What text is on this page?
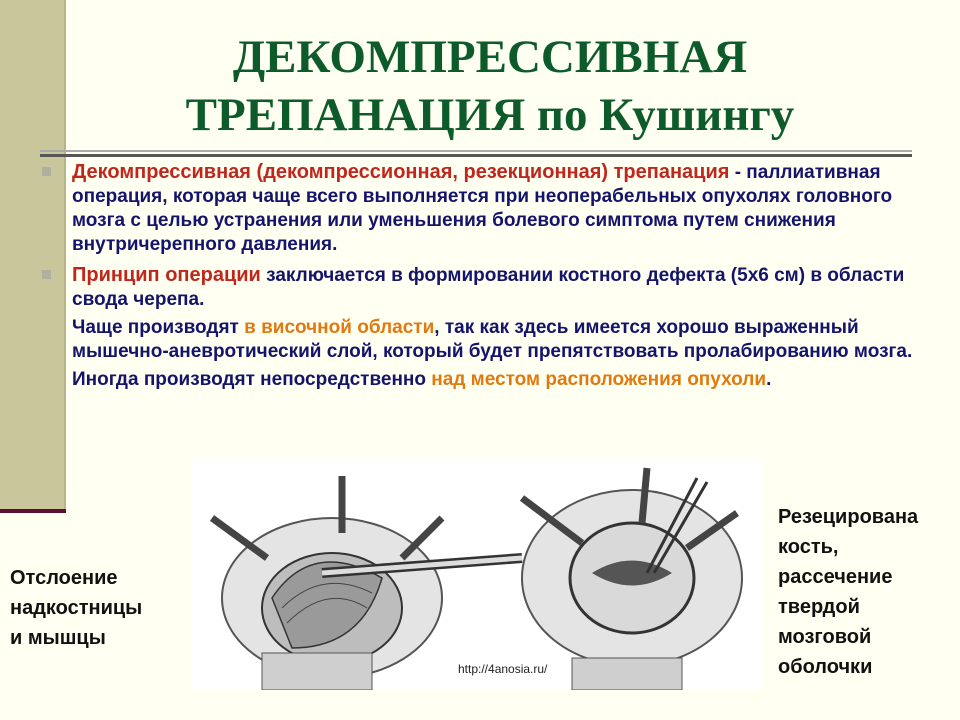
ДЕКОМПРЕССИВНАЯ
ТРЕПАНАЦИЯ по Кушингу
Декомпрессивная (декомпрессионная, резекционная) трепанация - паллиативная операция, которая чаще всего выполняется при неоперабельных опухолях головного мозга с целью устранения или уменьшения болевого симптома путем снижения внутричерепного давления.
Принцип операции заключается в формировании костного дефекта (5х6 см) в области свода черепа.
Чаще производят в височной области, так как здесь имеется хорошо выраженный мышечно-аневротический слой, который будет препятствовать пролабированию мозга.
Иногда производят непосредственно над местом расположения опухоли.
Отслоение
надкостницы
и мышцы
Резецирована
кость,
рассечение
твердой
мозговой
оболочки
http://4anosia.ru/
